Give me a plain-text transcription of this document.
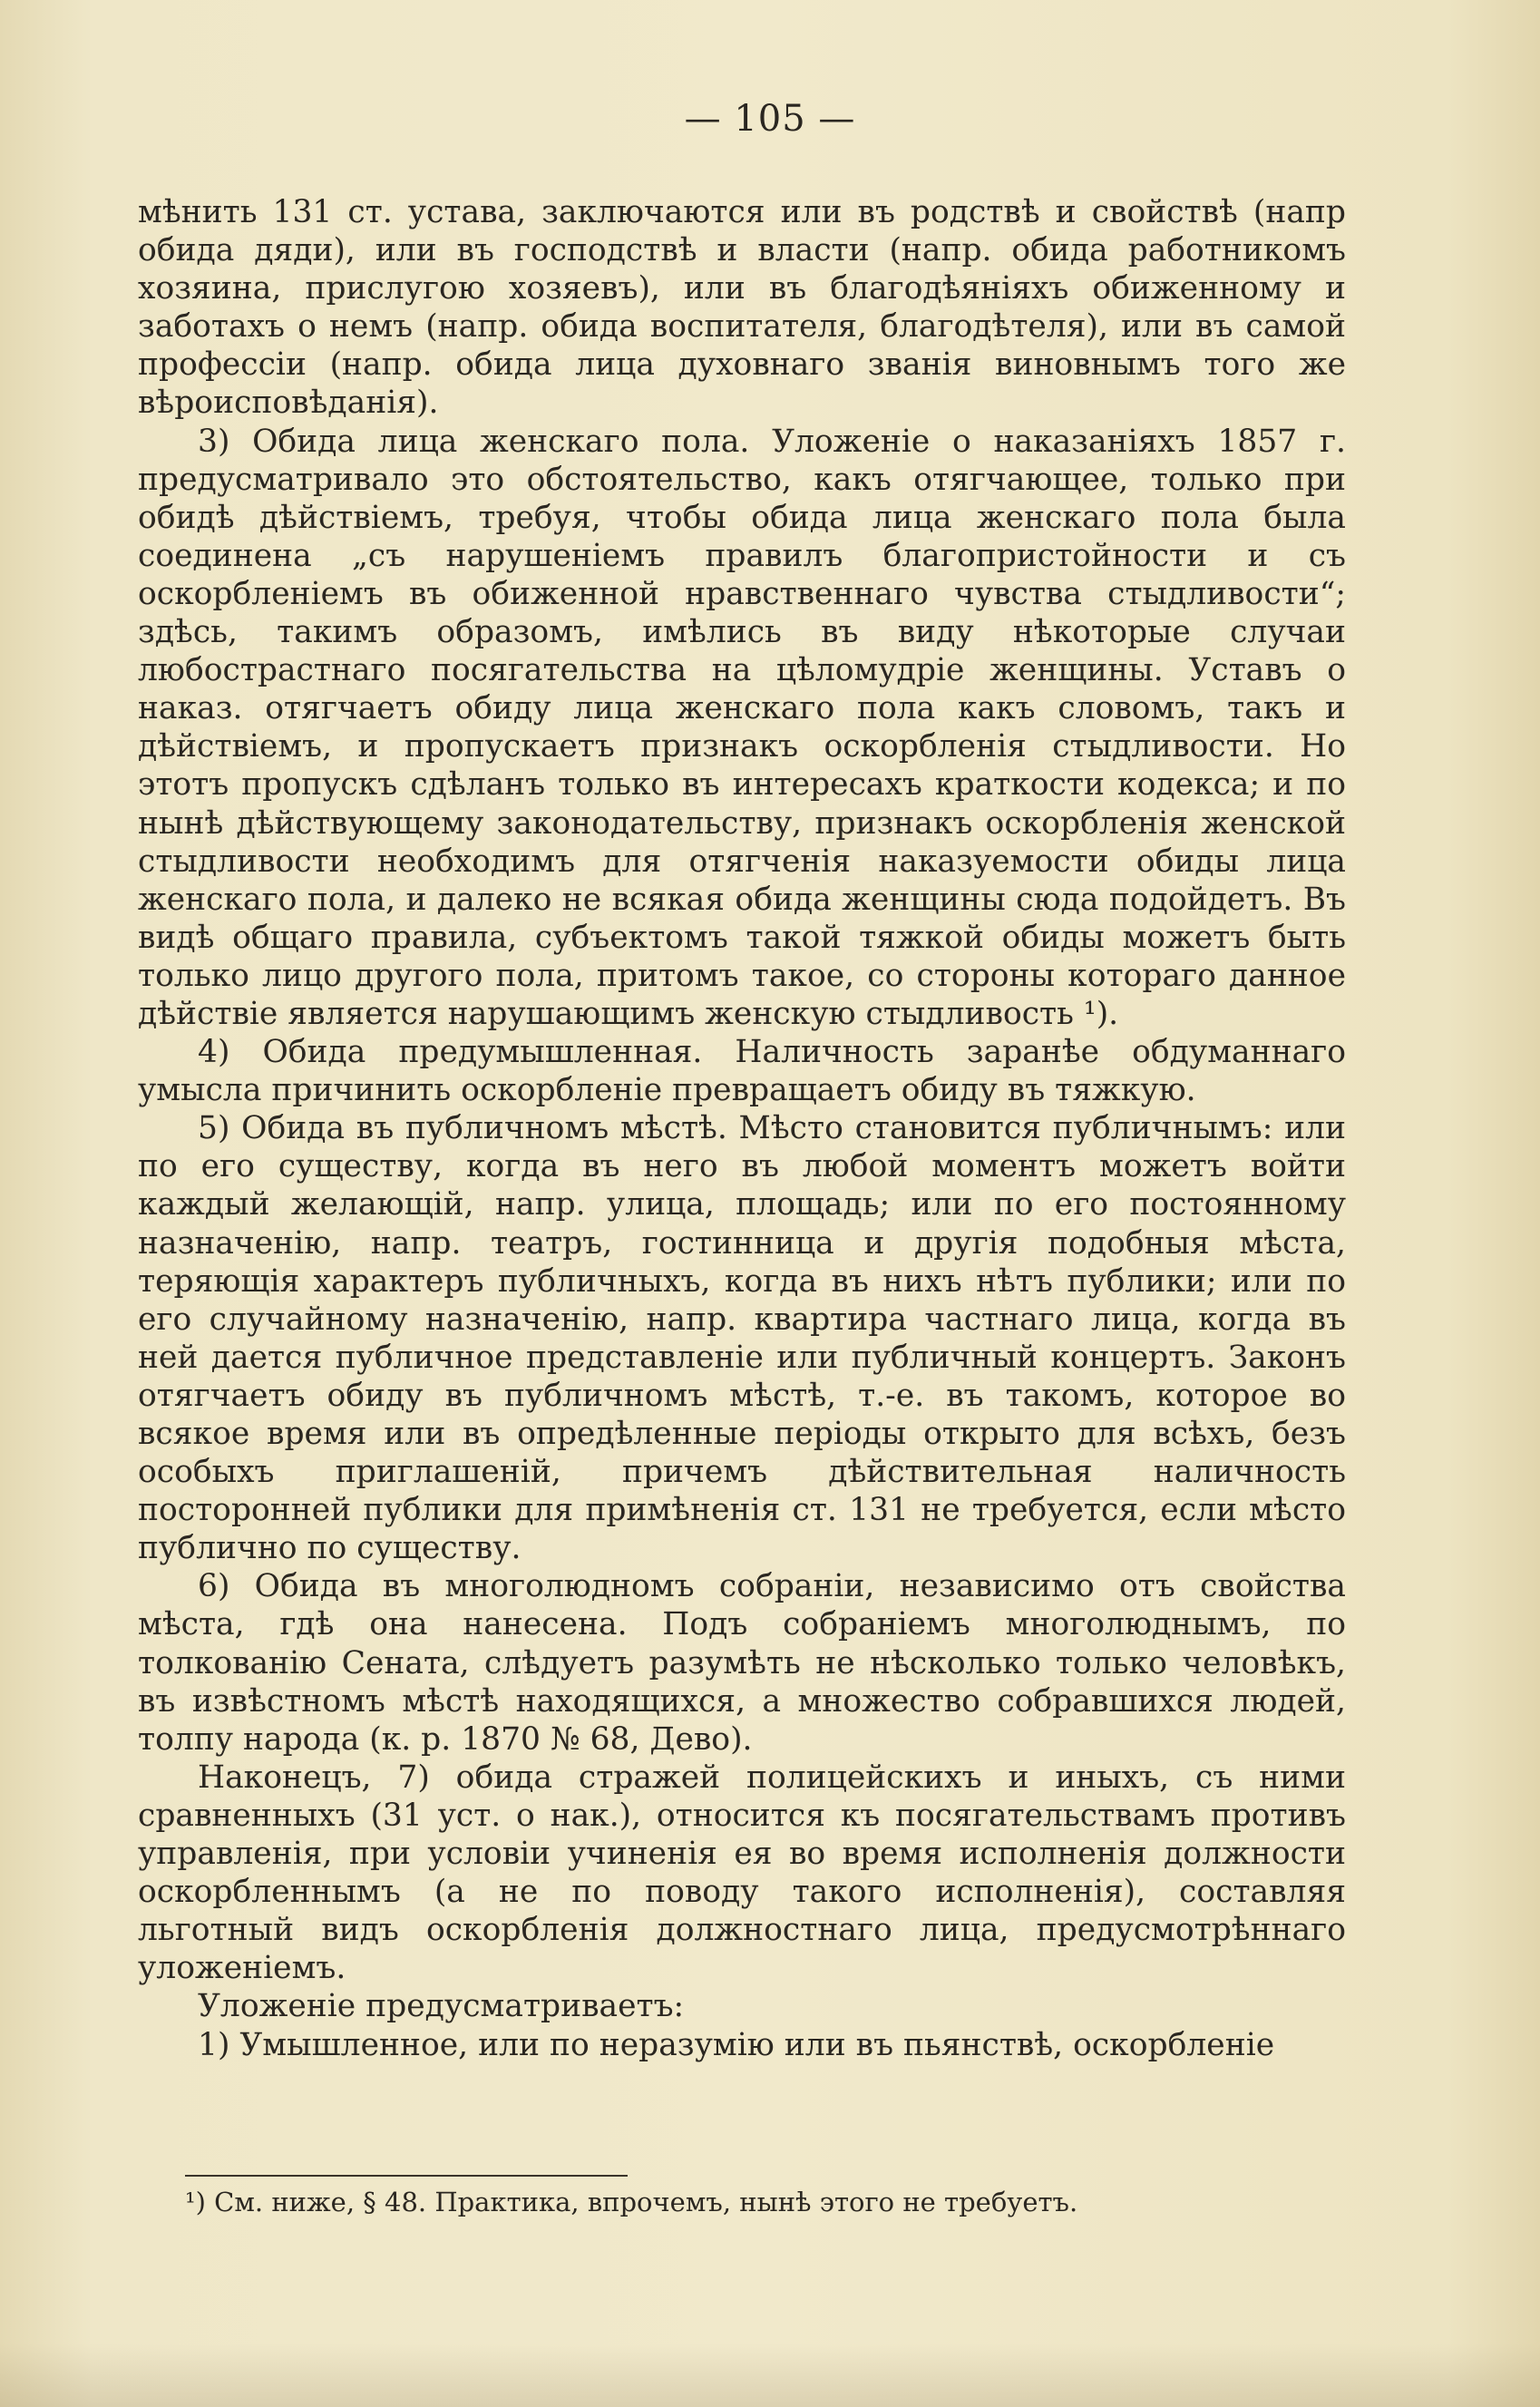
— 105 —

мѣнить 131 ст. устава, заключаются или въ родствѣ и свойствѣ (напр обида дяди), или въ господствѣ и власти (напр. обида работникомъ хозяина, прислугою хозяевъ), или въ благодѣяніяхъ обиженному и заботахъ о немъ (напр. обида воспитателя, благодѣтеля), или въ самой профессіи (напр. обида лица духовнаго званія виновнымъ того же вѣроисповѣданія).

3) Обида лица женскаго пола. Уложеніе о наказаніяхъ 1857 г. предусматривало это обстоятельство, какъ отягчающее, только при обидѣ дѣйствіемъ, требуя, чтобы обида лица женскаго пола была соединена „съ нарушеніемъ правилъ благопристойности и съ оскорбленіемъ въ обиженной нравственнаго чувства стыдливости“; здѣсь, такимъ образомъ, имѣлись въ виду нѣкоторые случаи любострастнаго посягательства на цѣломудріе женщины. Уставъ о наказ. отягчаетъ обиду лица женскаго пола какъ словомъ, такъ и дѣйствіемъ, и пропускаетъ признакъ оскорбленія стыдливости. Но этотъ пропускъ сдѣланъ только въ интересахъ краткости кодекса; и по нынѣ дѣйствующему законодательству, признакъ оскорбленія женской стыдливости необходимъ для отягченія наказуемости обиды лица женскаго пола, и далеко не всякая обида женщины сюда подойдетъ. Въ видѣ общаго правила, субъектомъ такой тяжкой обиды можетъ быть только лицо другого пола, притомъ такое, со стороны котораго данное дѣйствіе является нарушающимъ женскую стыдливость ¹).

4) Обида предумышленная. Наличность заранѣе обдуманнаго умысла причинить оскорбленіе превращаетъ обиду въ тяжкую.

5) Обида въ публичномъ мѣстѣ. Мѣсто становится публичнымъ: или по его существу, когда въ него въ любой моментъ можетъ войти каждый желающій, напр. улица, площадь; или по его постоянному назначенію, напр. театръ, гостинница и другія подобныя мѣста, теряющія характеръ публичныхъ, когда въ нихъ нѣтъ публики; или по его случайному назначенію, напр. квартира частнаго лица, когда въ ней дается публичное представленіе или публичный концертъ. Законъ отягчаетъ обиду въ публичномъ мѣстѣ, т.-е. въ такомъ, которое во всякое время или въ опредѣленные періоды открыто для всѣхъ, безъ особыхъ приглашеній, причемъ дѣйствительная наличность посторонней публики для примѣненія ст. 131 не требуется, если мѣсто публично по существу.

6) Обида въ многолюдномъ собраніи, независимо отъ свойства мѣста, гдѣ она нанесена. Подъ собраніемъ многолюднымъ, по толкованію Сената, слѣдуетъ разумѣть не нѣсколько только человѣкъ, въ извѣстномъ мѣстѣ находящихся, а множество собравшихся людей, толпу народа (к. р. 1870 № 68, Дево).

Наконецъ, 7) обида стражей полицейскихъ и иныхъ, съ ними сравненныхъ (31 уст. о нак.), относится къ посягательствамъ противъ управленія, при условіи учиненія ея во время исполненія должности оскорбленнымъ (а не по поводу такого исполненія), составляя льготный видъ оскорбленія должностнаго лица, предусмотрѣннаго уложеніемъ.

Уложеніе предусматриваетъ:

1) Умышленное, или по неразумію или въ пьянствѣ, оскорбленіе

¹) См. ниже, § 48. Практика, впрочемъ, нынѣ этого не требуетъ.
